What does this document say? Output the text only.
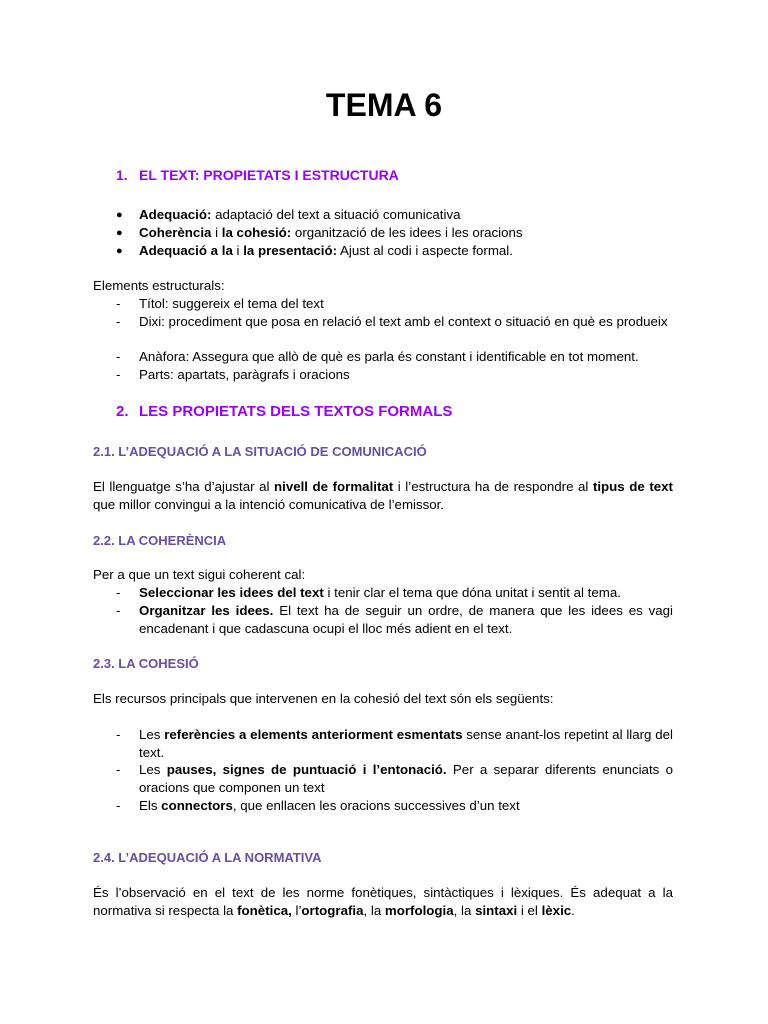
TEMA 6
1. EL TEXT: PROPIETATS I ESTRUCTURA
● Adequació: adaptació del text a situació comunicativa
● Coherència i la cohesió: organització de les idees i les oracions
● Adequació a la i la presentació: Ajust al codi i aspecte formal.
Elements estructurals:
- Títol: suggereix el tema del text
- Dixi: procediment que posa en relació el text amb el context o situació en què es produeix
- Anàfora: Assegura que allò de què es parla és constant i identificable en tot moment.
- Parts: apartats, paràgrafs i oracions
2. LES PROPIETATS DELS TEXTOS FORMALS
2.1. L’ADEQUACIÓ A LA SITUACIÓ DE COMUNICACIÓ
El llenguatge s’ha d’ajustar al nivell de formalitat i l’estructura ha de respondre al tipus de text que millor convingui a la intenció comunicativa de l’emissor.
2.2. LA COHERÈNCIA
Per a que un text sigui coherent cal:
- Seleccionar les idees del text i tenir clar el tema que dóna unitat i sentit al tema.
- Organitzar les idees. El text ha de seguir un ordre, de manera que les idees es vagi encadenant i que cadascuna ocupi el lloc més adient en el text.
2.3. LA COHESIÓ
Els recursos principals que intervenen en la cohesió del text són els següents:
- Les referències a elements anteriorment esmentats sense anant-los repetint al llarg del text.
- Les pauses, signes de puntuació i l’entonació. Per a separar diferents enunciats o oracions que componen un text
- Els connectors, que enllacen les oracions successives d’un text
2.4. L’ADEQUACIÓ A LA NORMATIVA
És l’observació en el text de les norme fonètiques, sintàctiques i lèxiques. És adequat a la normativa si respecta la fonètica, l’ortografia, la morfologia, la sintaxi i el lèxic.
